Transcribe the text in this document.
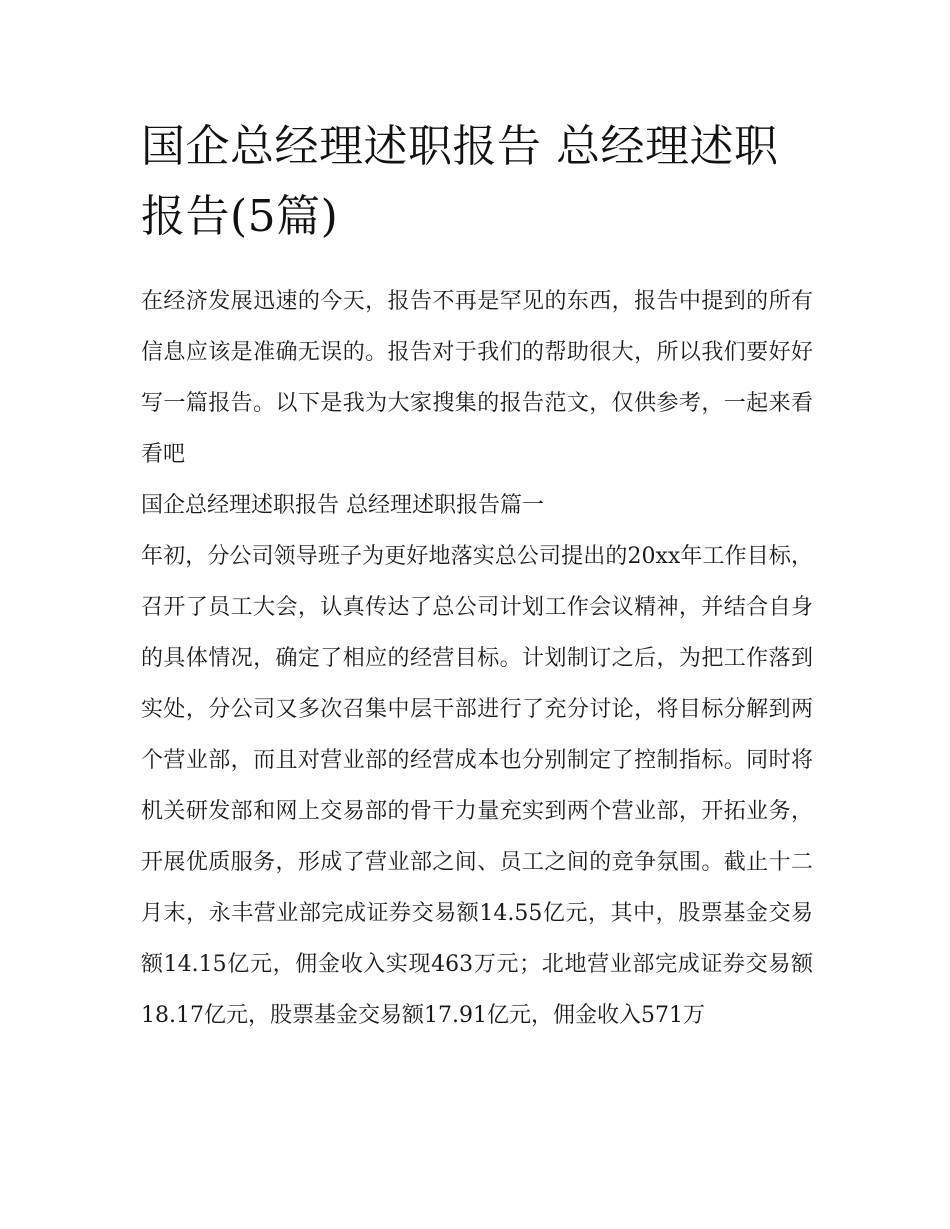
国企总经理述职报告 总经理述职报告(5篇)

在经济发展迅速的今天，报告不再是罕见的东西，报告中提到的所有信息应该是准确无误的。报告对于我们的帮助很大，所以我们要好好写一篇报告。以下是我为大家搜集的报告范文，仅供参考，一起来看看吧

国企总经理述职报告 总经理述职报告篇一

年初，分公司领导班子为更好地落实总公司提出的20xx年工作目标，召开了员工大会，认真传达了总公司计划工作会议精神，并结合自身的具体情况，确定了相应的经营目标。计划制订之后，为把工作落到实处，分公司又多次召集中层干部进行了充分讨论，将目标分解到两个营业部，而且对营业部的经营成本也分别制定了控制指标。同时将机关研发部和网上交易部的骨干力量充实到两个营业部，开拓业务，开展优质服务，形成了营业部之间、员工之间的竞争氛围。截止十二月末，永丰营业部完成证券交易额14.55亿元，其中，股票基金交易额14.15亿元，佣金收入实现463万元；北地营业部完成证券交易额18.17亿元，股票基金交易额17.91亿元，佣金收入571万
